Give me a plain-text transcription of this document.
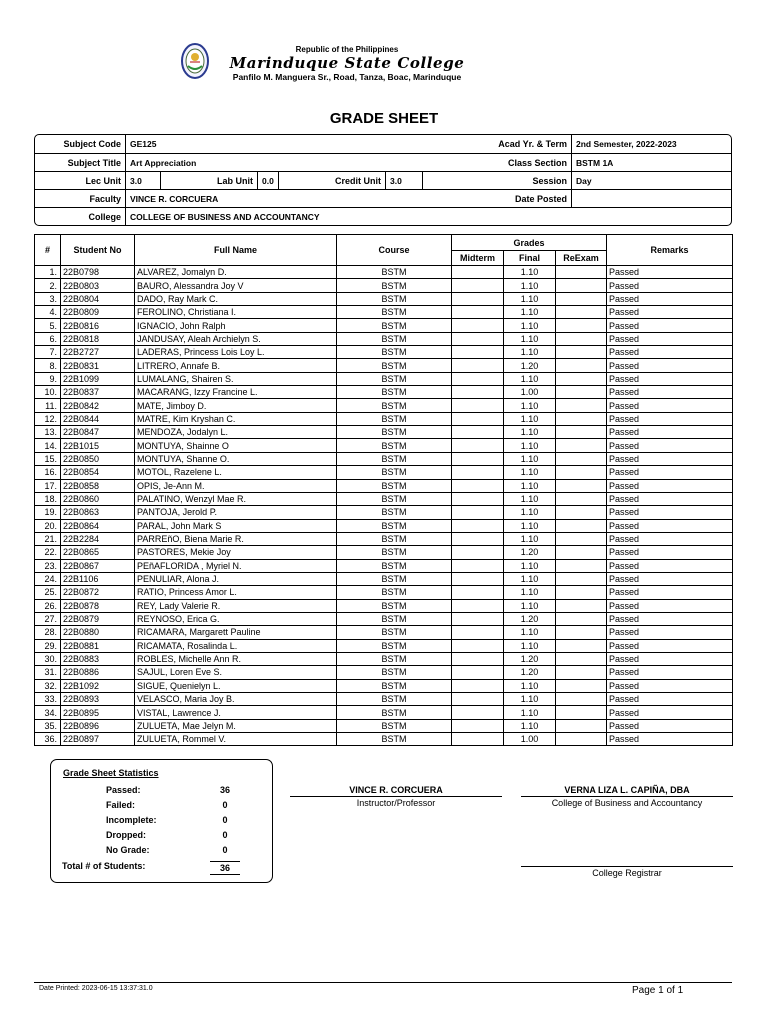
Republic of the Philippines
Marinduque State College
Panfilo M. Manguera Sr., Road, Tanza, Boac, Marinduque
GRADE SHEET
Subject Code	GE125	Acad Yr. & Term	2nd Semester, 2022-2023
Subject Title	Art Appreciation	Class Section	BSTM 1A
Lec Unit	3.0	Lab Unit	0.0	Credit Unit	3.0	Session	Day
Faculty	VINCE R. CORCUERA	Date Posted
College	COLLEGE OF BUSINESS AND ACCOUNTANCY
#	Student No	Full Name	Course	Grades			Remarks
				Midterm	Final	ReExam	
1.	22B0798	ALVAREZ, Jomalyn D.	BSTM		1.10		Passed
2.	22B0803	BAURO, Alessandra Joy V	BSTM		1.10		Passed
3.	22B0804	DADO, Ray Mark C.	BSTM		1.10		Passed
4.	22B0809	FEROLINO, Christiana I.	BSTM		1.10		Passed
5.	22B0816	IGNACIO, John Ralph	BSTM		1.10		Passed
6.	22B0818	JANDUSAY, Aleah Archielyn S.	BSTM		1.10		Passed
7.	22B2727	LADERAS, Princess Lois Loy L.	BSTM		1.10		Passed
8.	22B0831	LITRERO, Annafe B.	BSTM		1.20		Passed
9.	22B1099	LUMALANG, Shairen S.	BSTM		1.10		Passed
10.	22B0837	MACARANG, Izzy Francine L.	BSTM		1.00		Passed
11.	22B0842	MATE, Jimboy D.	BSTM		1.10		Passed
12.	22B0844	MATRE, Kim Kryshan C.	BSTM		1.10		Passed
13.	22B0847	MENDOZA, Jodalyn L.	BSTM		1.10		Passed
14.	22B1015	MONTUYA, Shainne O	BSTM		1.10		Passed
15.	22B0850	MONTUYA, Shanne O.	BSTM		1.10		Passed
16.	22B0854	MOTOL, Razelene L.	BSTM		1.10		Passed
17.	22B0858	OPIS, Je-Ann M.	BSTM		1.10		Passed
18.	22B0860	PALATINO, Wenzyl Mae R.	BSTM		1.10		Passed
19.	22B0863	PANTOJA, Jerold P.	BSTM		1.10		Passed
20.	22B0864	PARAL, John Mark S	BSTM		1.10		Passed
21.	22B2284	PARREñO, Biena Marie R.	BSTM		1.10		Passed
22.	22B0865	PASTORES, Mekie Joy	BSTM		1.20		Passed
23.	22B0867	PEñAFLORIDA , Myriel N.	BSTM		1.10		Passed
24.	22B1106	PENULIAR, Alona J.	BSTM		1.10		Passed
25.	22B0872	RATIO, Princess Amor L.	BSTM		1.10		Passed
26.	22B0878	REY, Lady Valerie R.	BSTM		1.10		Passed
27.	22B0879	REYNOSO, Erica G.	BSTM		1.20		Passed
28.	22B0880	RICAMARA, Margarett Pauline	BSTM		1.10		Passed
29.	22B0881	RICAMATA, Rosalinda L.	BSTM		1.10		Passed
30.	22B0883	ROBLES, Michelle Ann R.	BSTM		1.20		Passed
31.	22B0886	SAJUL, Loren Eve S.	BSTM		1.20		Passed
32.	22B1092	SIGUE, Quenielyn L.	BSTM		1.10		Passed
33.	22B0893	VELASCO, Maria Joy B.	BSTM		1.10		Passed
34.	22B0895	VISTAL, Lawrence J.	BSTM		1.10		Passed
35.	22B0896	ZULUETA, Mae Jelyn M.	BSTM		1.10		Passed
36.	22B0897	ZULUETA, Rommel V.	BSTM		1.00		Passed
Grade Sheet Statistics
Passed:	36
Failed:	0
Incomplete:	0
Dropped:	0
No Grade:	0
Total # of Students:	36
VINCE R. CORCUERA
Instructor/Professor
VERNA LIZA L. CAPIÑA, DBA
College of Business and Accountancy
College Registrar
Date Printed: 2023-06-15 13:37:31.0	Page 1 of 1
